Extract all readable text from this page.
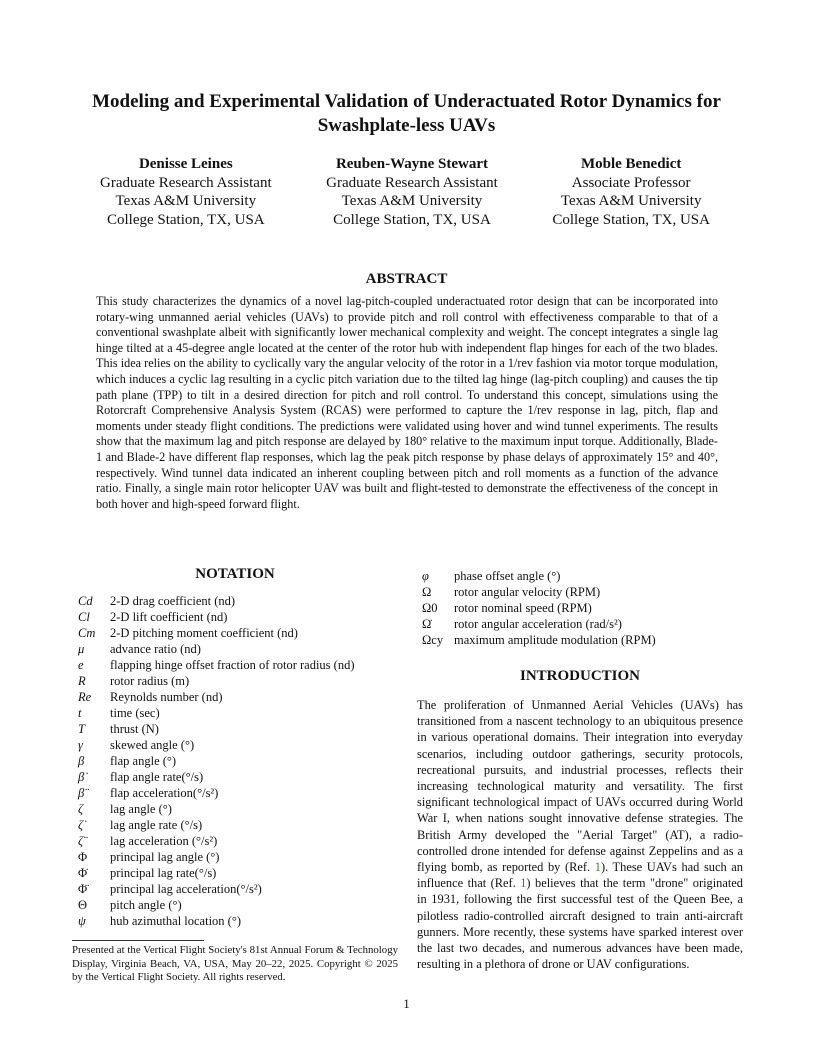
Modeling and Experimental Validation of Underactuated Rotor Dynamics for Swashplate-less UAVs
Denisse Leines
Graduate Research Assistant
Texas A&M University
College Station, TX, USA
Reuben-Wayne Stewart
Graduate Research Assistant
Texas A&M University
College Station, TX, USA
Moble Benedict
Associate Professor
Texas A&M University
College Station, TX, USA
ABSTRACT
This study characterizes the dynamics of a novel lag-pitch-coupled underactuated rotor design that can be incorporated into rotary-wing unmanned aerial vehicles (UAVs) to provide pitch and roll control with effectiveness comparable to that of a conventional swashplate albeit with significantly lower mechanical complexity and weight. The concept integrates a single lag hinge tilted at a 45-degree angle located at the center of the rotor hub with independent flap hinges for each of the two blades. This idea relies on the ability to cyclically vary the angular velocity of the rotor in a 1/rev fashion via motor torque modulation, which induces a cyclic lag resulting in a cyclic pitch variation due to the tilted lag hinge (lag-pitch coupling) and causes the tip path plane (TPP) to tilt in a desired direction for pitch and roll control. To understand this concept, simulations using the Rotorcraft Comprehensive Analysis System (RCAS) were performed to capture the 1/rev response in lag, pitch, flap and moments under steady flight conditions. The predictions were validated using hover and wind tunnel experiments. The results show that the maximum lag and pitch response are delayed by 180° relative to the maximum input torque. Additionally, Blade-1 and Blade-2 have different flap responses, which lag the peak pitch response by phase delays of approximately 15° and 40°, respectively. Wind tunnel data indicated an inherent coupling between pitch and roll moments as a function of the advance ratio. Finally, a single main rotor helicopter UAV was built and flight-tested to demonstrate the effectiveness of the concept in both hover and high-speed forward flight.
NOTATION
Cd	2-D drag coefficient (nd)
Cl	2-D lift coefficient (nd)
Cm	2-D pitching moment coefficient (nd)
μ	advance ratio (nd)
e	flapping hinge offset fraction of rotor radius (nd)
R	rotor radius (m)
Re	Reynolds number (nd)
t	time (sec)
T	thrust (N)
γ	skewed angle (°)
β	flap angle (°)
β̇	flap angle rate(°/s)
β̈	flap acceleration(°/s²)
ζ	lag angle (°)
ζ̇	lag angle rate (°/s)
ζ̈	lag acceleration (°/s²)
Φ	principal lag angle (°)
Φ̇	principal lag rate(°/s)
Φ̈	principal lag acceleration(°/s²)
Θ	pitch angle (°)
ψ	hub azimuthal location (°)
φ	phase offset angle (°)
Ω	rotor angular velocity (RPM)
Ω0	rotor nominal speed (RPM)
Ω̇	rotor angular acceleration (rad/s²)
Ωcy maximum amplitude modulation (RPM)
INTRODUCTION
The proliferation of Unmanned Aerial Vehicles (UAVs) has transitioned from a nascent technology to an ubiquitous presence in various operational domains. Their integration into everyday scenarios, including outdoor gatherings, security protocols, recreational pursuits, and industrial processes, reflects their increasing technological maturity and versatility. The first significant technological impact of UAVs occurred during World War I, when nations sought innovative defense strategies. The British Army developed the "Aerial Target" (AT), a radio-controlled drone intended for defense against Zeppelins and as a flying bomb, as reported by (Ref. 1). These UAVs had such an influence that (Ref. 1) believes that the term "drone" originated in 1931, following the first successful test of the Queen Bee, a pilotless radio-controlled aircraft designed to train anti-aircraft gunners. More recently, these systems have sparked interest over the last two decades, and numerous advances have been made, resulting in a plethora of drone or UAV configurations.
Presented at the Vertical Flight Society's 81st Annual Forum & Technology Display, Virginia Beach, VA, USA, May 20–22, 2025. Copyright © 2025 by the Vertical Flight Society. All rights reserved.
1
